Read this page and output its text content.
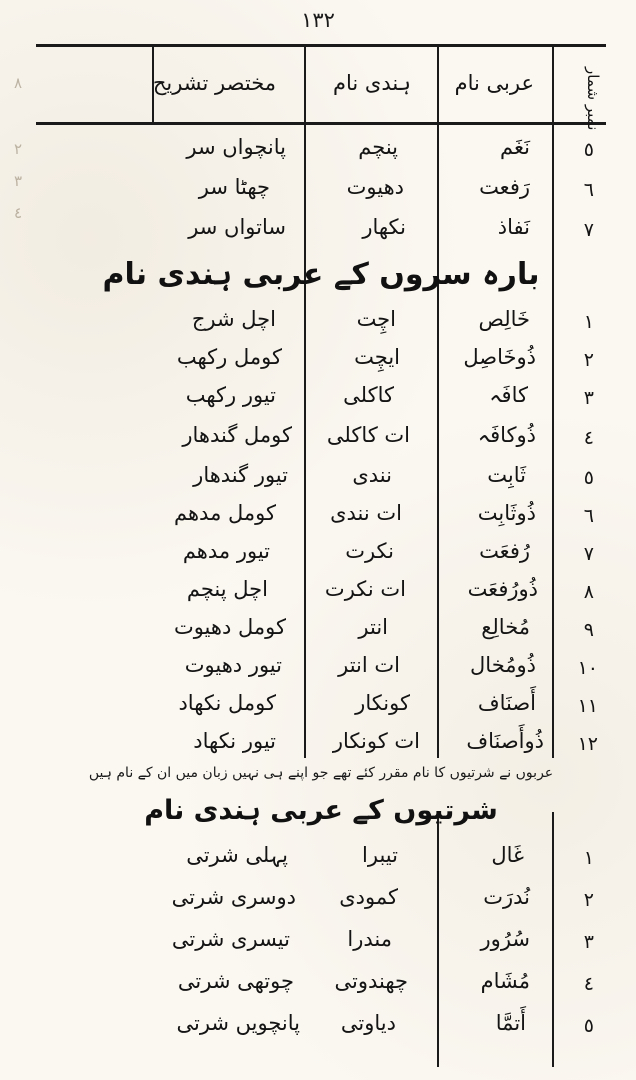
١٣٢
٨
٢
٣
٤
نمبر شمار
عربی نام
ہندی نام
مختصر تشریح
٥
نَغَم
پنچم
پانچواں سر
٦
رَفعت
دھیوت
چھٹا سر
٧
نَفاذ
نکھار
ساتواں سر
بارہ سروں کے عربی ہندی نام
١
خَالِص
اچِت
اچل شرج
٢
ذُوخَاصِل
ایچِت
کومل رکھب
٣
کافَہ
کاکلی
تیور رکھب
٤
ذُوکافَہ
ات کاکلی
کومل گندھار
٥
ثَابِت
نندی
تیور گندھار
٦
ذُوثَابِت
ات نندی
کومل مدھم
٧
رُفعَت
نکرت
تیور مدھم
٨
ذُورُفعَت
ات نکرت
اچل پنچم
٩
مُخالِع
انتر
کومل دھیوت
١٠
ذُومُخال
ات انتر
تیور دھیوت
١١
أَصنَاف
کونکار
کومل نکھاد
١٢
ذُوأَصنَاف
ات کونکار
تیور نکھاد
عربوں نے شرتیوں کا نام مقرر کئے تھے جو اپنے ہی نہیں زبان میں ان کے نام ہیں
شرتیوں کے عربی ہندی نام
١
غَال
تیبرا
پہلی شرتی
٢
نُدرَت
کمودی
دوسری شرتی
٣
سُرُور
مندرا
تیسری شرتی
٤
مُشَام
چھندوتی
چوتھی شرتی
٥
أَتمَّا
دیاوتی
پانچویں شرتی
